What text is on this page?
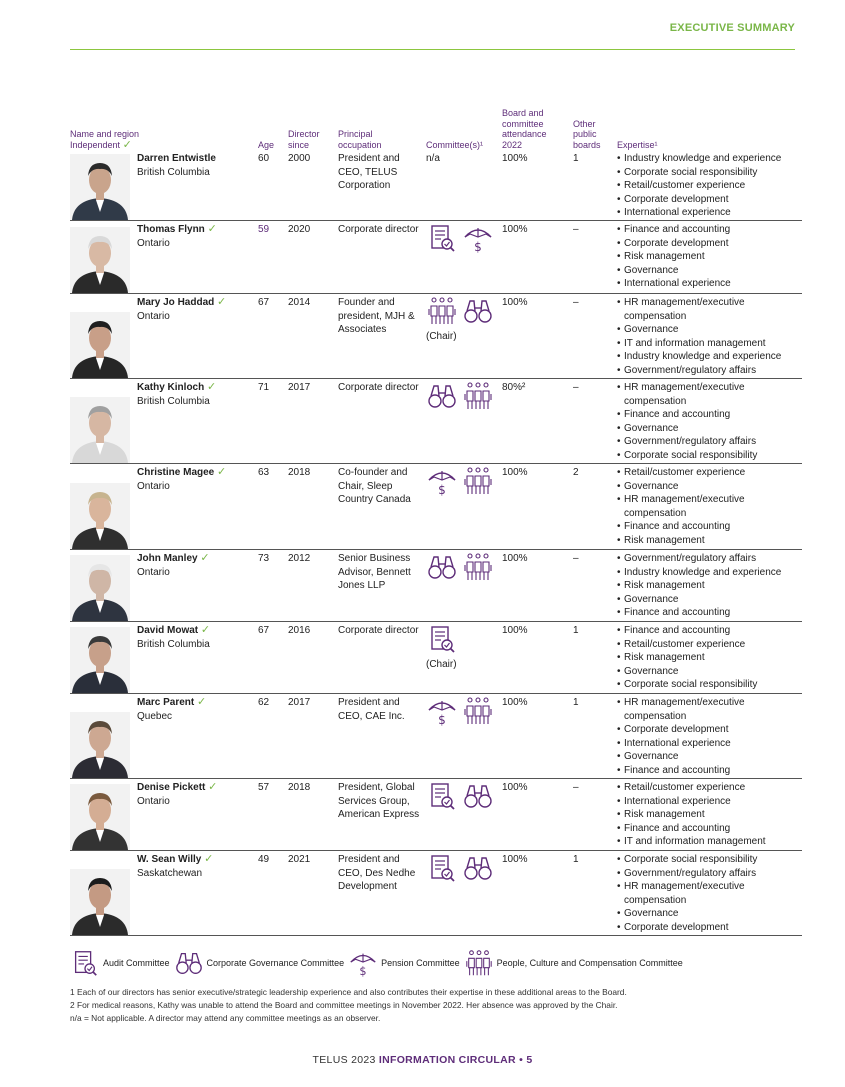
EXECUTIVE SUMMARY
Name and region
Independent ✓	Age
Director
since
Principal
occupation	Committee(s)¹
Board and
committee
attendance
2022
Other
public
boards	Expertise¹
Darren Entwistle
British Columbia
60	2000	President and CEO, TELUS Corporation
n/a	100%	1	• Industry knowledge and experience
• Corporate social responsibility
• Retail/customer experience
• Corporate development
• International experience
Thomas Flynn ✓
Ontario
59	2020	Corporate director
$
100%	–	• Finance and accounting
• Corporate development
• Risk management
• Governance
• International experience
Mary Jo Haddad ✓
Ontario
67	2014	Founder and president, MJH & Associates
(Chair)
100%	–	• HR management/executive compensation
• Governance
• IT and information management
• Industry knowledge and experience
• Government/regulatory affairs
Kathy Kinloch ✓
British Columbia
71	2017	Corporate director	80%²	–	• HR management/executive compensation
• Finance and accounting
• Governance
• Government/regulatory affairs
• Corporate social responsibility
Christine Magee ✓
Ontario
63	2018	Co-founder and Chair, Sleep Country Canada
$
100%	2	• Retail/customer experience
• Governance
• HR management/executive compensation
• Finance and accounting
• Risk management
John Manley ✓
Ontario
73	2012	Senior Business Advisor, Bennett Jones LLP
100%	–	• Government/regulatory affairs
• Industry knowledge and experience
• Risk management
• Governance
• Finance and accounting
David Mowat ✓
British Columbia
67	2016	Corporate director
(Chair)
100%	1	• Finance and accounting
• Retail/customer experience
• Risk management
• Governance
• Corporate social responsibility
Marc Parent ✓
Quebec
62	2017	President and CEO, CAE Inc.	$
100%	1	• HR management/executive compensation
• Corporate development
• International experience
• Governance
• Finance and accounting
Denise Pickett ✓
Ontario
57	2018	President, Global Services Group, American Express
100%	–	• Retail/customer experience
• International experience
• Risk management
• Finance and accounting
• IT and information management
W. Sean Willy ✓
Saskatchewan
49	2021	President and CEO, Des Nedhe Development
100%	1	• Corporate social responsibility
• Government/regulatory affairs
• HR management/executive compensation
• Governance
• Corporate development
Audit Committee	Corporate Governance Committee
$
Pension Committee	People, Culture and Compensation Committee
1 Each of our directors has senior executive/strategic leadership experience and also contributes their expertise in these additional areas to the Board.
2 For medical reasons, Kathy was unable to attend the Board and committee meetings in November 2022. Her absence was approved by the Chair.
n/a = Not applicable. A director may attend any committee meetings as an observer.
TELUS 2023 INFORMATION CIRCULAR • 5
